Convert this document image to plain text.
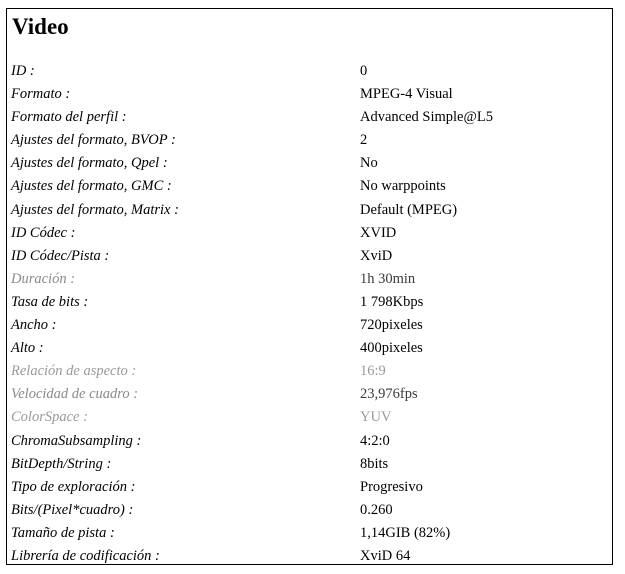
Video
ID :	0
Formato :	MPEG-4 Visual
Formato del perfil :	Advanced Simple@L5
Ajustes del formato, BVOP :	2
Ajustes del formato, Qpel :	No
Ajustes del formato, GMC :	No warppoints
Ajustes del formato, Matrix :	Default (MPEG)
ID Códec :	XVID
ID Códec/Pista :	XviD
Duración :	1h 30min
Tasa de bits :	1 798Kbps
Ancho :	720pixeles
Alto :	400pixeles
Relación de aspecto :	16:9
Velocidad de cuadro :	23,976fps
ColorSpace :	YUV
ChromaSubsampling :	4:2:0
BitDepth/String :	8bits
Tipo de exploración :	Progresivo
Bits/(Pixel*cuadro) :	0.260
Tamaño de pista :	1,14GIB (82%)
Librería de codificación :	XviD 64
